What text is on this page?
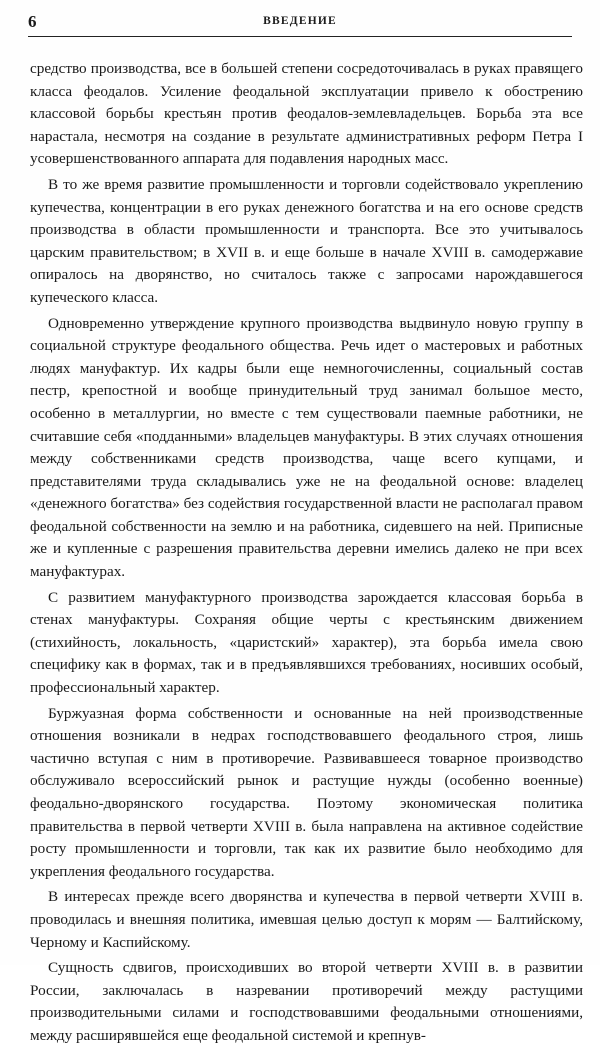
6	ВВЕДЕНИЕ

средство производства, все в большей степени сосредоточивалась в руках правящего класса феодалов. Усиление феодальной эксплуатации привело к обострению классовой борьбы крестьян против феодалов-землевладельцев. Борьба эта все нарастала, несмотря на создание в результате административных реформ Петра I усовершенствованного аппарата для подавления народных масс.

В то же время развитие промышленности и торговли содействовало укреплению купечества, концентрации в его руках денежного богатства и на его основе средств производства в области промышленности и транспорта. Все это учитывалось царским правительством; в XVII в. и еще больше в начале XVIII в. самодержавие опиралось на дворянство, но считалось также с запросами нарождавшегося купеческого класса.

Одновременно утверждение крупного производства выдвинуло новую группу в социальной структуре феодального общества. Речь идет о мастеровых и работных людях мануфактур. Их кадры были еще немногочисленны, социальный состав пестр, крепостной и вообще принудительный труд занимал большое место, особенно в металлургии, но вместе с тем существовали паемные работники, не считавшие себя «подданными» владельцев мануфактуры. В этих случаях отношения между собственниками средств производства, чаще всего купцами, и представителями труда складывались уже не на феодальной основе: владелец «денежного богатства» без содействия государственной власти не располагал правом феодальной собственности на землю и на работника, сидевшего на ней. Приписные же и купленные с разрешения правительства деревни имелись далеко не при всех мануфактурах.

С развитием мануфактурного производства зарождается классовая борьба в стенах мануфактуры. Сохраняя общие черты с крестьянским движением (стихийность, локальность, «царистский» характер), эта борьба имела свою специфику как в формах, так и в предъявлявшихся требованиях, носивших особый, профессиональный характер.

Буржуазная форма собственности и основанные на ней производственные отношения возникали в недрах господствовавшего феодального строя, лишь частично вступая с ним в противоречие. Развивавшееся товарное производство обслуживало всероссийский рынок и растущие нужды (особенно военные) феодально-дворянского государства. Поэтому экономическая политика правительства в первой четверти XVIII в. была направлена на активное содействие росту промышленности и торговли, так как их развитие было необходимо для укрепления феодального государства.

В интересах прежде всего дворянства и купечества в первой четверти XVIII в. проводилась и внешняя политика, имевшая целью доступ к морям — Балтийскому, Черному и Каспийскому.

Сущность сдвигов, происходивших во второй четверти XVIII в. в развитии России, заключалась в назревании противоречий между растущими производительными силами и господствовавшими феодальными отношениями, между расширявшейся еще феодальной системой и крепнув-
